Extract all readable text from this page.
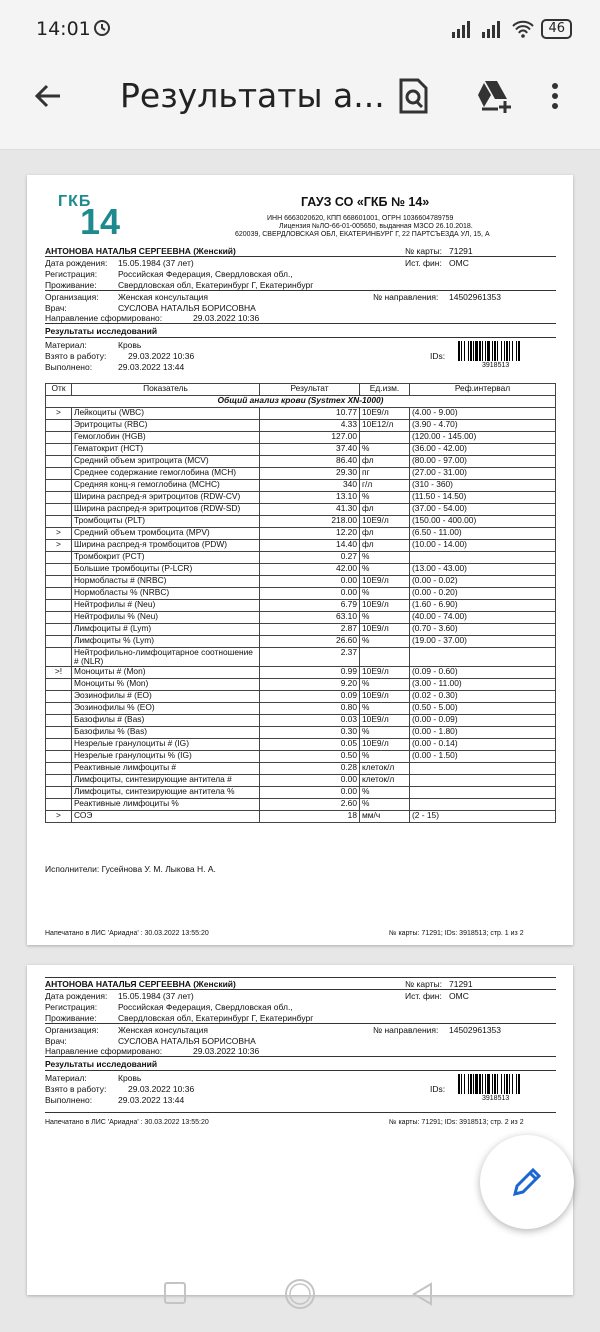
14:01	46
Результаты а...
ГКБ
14	ГАУЗ СО «ГКБ № 14»
ИНН 6663020620, КПП 668601001, ОГРН 1036604789759
Лицензия №ЛО-66-01-005650, выданная МЗСО 26.10.2018.
620039, СВЕРДЛОВСКАЯ ОБЛ, ЕКАТЕРИНБУРГ Г, 22 ПАРТСЪЕЗДА УЛ, 15, А
АНТОНОВА НАТАЛЬЯ СЕРГЕЕВНА (Женский)	№ карты: 71291
Дата рождения: 15.05.1984 (37 лет)	Ист. фин: ОМС
Регистрация: Российская Федерация, Свердловская обл.,
Проживание:	Свердловская обл, Екатеринбург Г, Екатеринбург
Организация: Женская консультация	№ направления: 14502961353
Врач:	СУСЛОВА НАТАЛЬЯ БОРИСОВНА
Направление сформировано:	29.03.2022 10:36
Результаты исследований
Материал:	Кровь
Взято в работу:	29.03.2022 10:36
Выполнено:	29.03.2022 13:44
IDs:
3918513
Отк	Показатель	Результат	Ед.изм.	Реф.интервал
Общий анализ крови (Systmex XN-1000)				
>	Лейкоциты (WBC)	10.77	10E9/л	(4.00 - 9.00)
	Эритроциты (RBC)	4.33	10E12/л	(3.90 - 4.70)
	Гемоглобин (HGB)	127.00		(120.00 - 145.00)
	Гематокрит (HCT)	37.40	%	(36.00 - 42.00)
	Средний объем эритроцита (MCV)	86.40	фл	(80.00 - 97.00)
	Среднее содержание гемоглобина (MCH)	29.30	пг	(27.00 - 31.00)
	Средняя конц-я гемоглобина (MCHC)	340	г/л	(310 - 360)
	Ширина распред-я эритроцитов (RDW-CV)	13.10	%	(11.50 - 14.50)
	Ширина распред-я эритроцитов (RDW-SD)	41.30	фл	(37.00 - 54.00)
	Тромбоциты (PLT)	218.00	10E9/л	(150.00 - 400.00)
>	Средний объем тромбоцита (MPV)	12.20	фл	(6.50 - 11.00)
>	Ширина распред-я тромбоцитов (PDW)	14.40	фл	(10.00 - 14.00)
	Тромбокрит (PCT)	0.27	%	
	Большие тромбоциты (P-LCR)	42.00	%	(13.00 - 43.00)
	Нормобласты # (NRBC)	0.00	10E9/л	(0.00 - 0.02)
	Нормобласты % (NRBC)	0.00	%	(0.00 - 0.20)
	Нейтрофилы # (Neu)	6.79	10E9/л	(1.60 - 6.90)
	Нейтрофилы % (Neu)	63.10	%	(40.00 - 74.00)
	Лимфоциты # (Lym)	2.87	10E9/л	(0.70 - 3.60)
	Лимфоциты % (Lym)	26.60	%	(19.00 - 37.00)
	Нейтрофильно-лимфоцитарное соотношение # (NLR)	2.37		
>!	Моноциты # (Mon)	0.99	10E9/л	(0.09 - 0.60)
	Моноциты % (Mon)	9.20	%	(3.00 - 11.00)
	Эозинофилы # (EO)	0.09	10E9/л	(0.02 - 0.30)
	Эозинофилы % (EO)	0.80	%	(0.50 - 5.00)
	Базофилы # (Bas)	0.03	10E9/л	(0.00 - 0.09)
	Базофилы % (Bas)	0.30	%	(0.00 - 1.80)
	Незрелые гранулоциты # (IG)	0.05	10E9/л	(0.00 - 0.14)
	Незрелые гранулоциты % (IG)	0.50	%	(0.00 - 1.50)
	Реактивные лимфоциты #	0.28	клеток/л	
	Лимфоциты, синтезирующие антитела #	0.00	клеток/л	
	Лимфоциты, синтезирующие антитела %	0.00	%	
	Реактивные лимфоциты %	2.60	%	
>	СОЭ	18	мм/ч	(2 - 15)
Исполнители: Гусейнова У. М. Лыкова Н. А.
Напечатано в ЛИС 'Ариадна' : 30.03.2022 13:55:20	№ карты: 71291; IDs: 3918513; стр. 1 из 2
АНТОНОВА НАТАЛЬЯ СЕРГЕЕВНА (Женский)	№ карты: 71291
Дата рождения: 15.05.1984 (37 лет)	Ист. фин: ОМС
Регистрация: Российская Федерация, Свердловская обл.,
Проживание:	Свердловская обл, Екатеринбург Г, Екатеринбург
Организация: Женская консультация	№ направления: 14502961353
Врач:	СУСЛОВА НАТАЛЬЯ БОРИСОВНА
Направление сформировано:	29.03.2022 10:36
Результаты исследований
Материал:	Кровь
Взято в работу:	29.03.2022 10:36
Выполнено:	29.03.2022 13:44
IDs:
3918513
Напечатано в ЛИС 'Ариадна' : 30.03.2022 13:55:20	№ карты: 71291; IDs: 3918513; стр. 2 из 2
